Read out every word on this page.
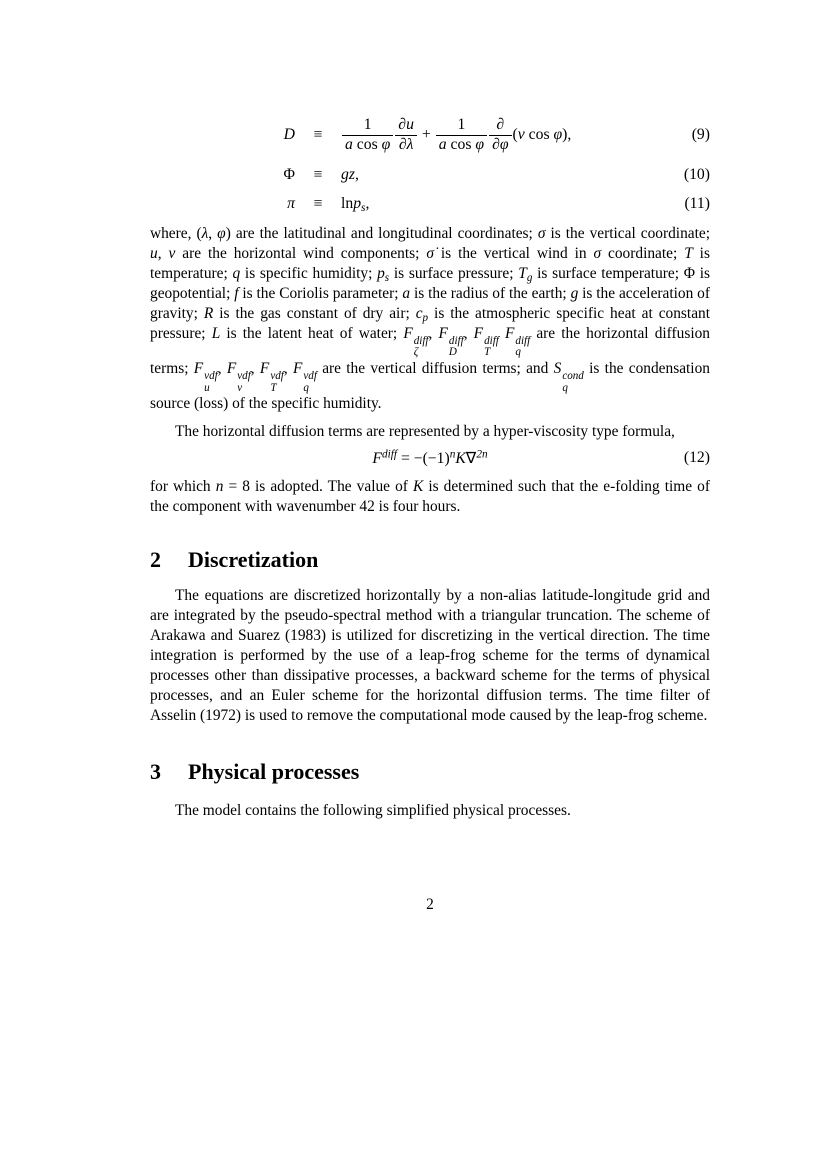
D	≡	$\frac{1}{\text{a cos φ}} \frac{\partial u}{\partial\lambda} + \frac{1}{\text{a cos φ}} \frac{\partial}{\partial\varphi} (v$ cos φ),	(9)
Φ	≡	gz ,	(10)
π	≡	$\ln p_s$ ,	(11)

where, (λ, φ) are the latitudinal and longitudinal coordinates; σ is the vertical coordinate; u, v are the horizontal wind components; σ̇ is the vertical wind in σ coordinate; T is temperature; q is specific humidity; $p_s$ is surface pressure; $T_g$ is surface temperature; Φ is geopotential; f is the Coriolis parameter; a is the radius of the earth; g is the acceleration of gravity; R is the gas constant of dry air; $c_p$ is the atmospheric specific heat at constant pressure; L is the latent heat of water; F diff
ζ
, F diff
D
, F diff
T
F diff
q
are the horizontal diffusion terms; F vdf
u
, F vdf
v
, F vdf
T
, F vdf
q
are the vertical diffusion terms; and S cond
q
is the condensation source (loss) of the specific humidity.

The horizontal diffusion terms are represented by a hyper-viscosity type formula,

$F^{diff} = -(-1)^nK\nabla^{2n}$	(12)

for which n = 8 is adopted. The value of K is determined such that the e-folding time of the component with wavenumber 42 is four hours.

2 Discretization

The equations are discretized horizontally by a non-alias latitude-longitude grid and are integrated by the pseudo-spectral method with a triangular truncation. The scheme of Arakawa and Suarez (1983) is utilized for discretizing in the vertical direction. The time integration is performed by the use of a leap-frog scheme for the terms of dynamical processes other than dissipative processes, a backward scheme for the terms of physical processes, and an Euler scheme for the horizontal diffusion terms. The time filter of Asselin (1972) is used to remove the computational mode caused by the leap-frog scheme.

3 Physical processes

The model contains the following simplified physical processes.

2
